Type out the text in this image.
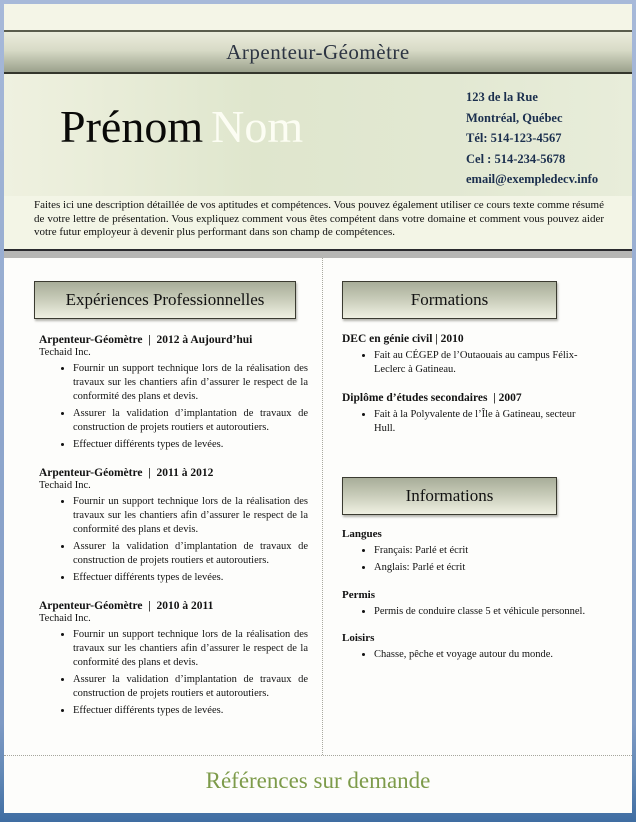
Arpenteur-Géomètre
Prénom Nom
123 de la Rue
Montréal, Québec
Tél: 514-123-4567
Cel : 514-234-5678
email@exempledecv.info

Faites ici une description détaillée de vos aptitudes et compétences. Vous pouvez également utiliser ce cours texte comme résumé de votre lettre de présentation. Vous expliquez comment vous êtes compétent dans votre domaine et comment vous pouvez aider votre futur employeur à devenir plus performant dans son champ de compétences.

Expériences Professionnelles
Arpenteur-Géomètre  |  2012 à Aujourd’hui
Techaid Inc.
• Fournir un support technique lors de la réalisation des travaux sur les chantiers afin d’assurer le respect de la conformité des plans et devis.
• Assurer la validation d’implantation de travaux de construction de projets routiers et autoroutiers.
• Effectuer différents types de levées.
Arpenteur-Géomètre  |  2011 à 2012
Techaid Inc.
• Fournir un support technique lors de la réalisation des travaux sur les chantiers afin d’assurer le respect de la conformité des plans et devis.
• Assurer la validation d’implantation de travaux de construction de projets routiers et autoroutiers.
• Effectuer différents types de levées.
Arpenteur-Géomètre  |  2010 à 2011
Techaid Inc.
• Fournir un support technique lors de la réalisation des travaux sur les chantiers afin d’assurer le respect de la conformité des plans et devis.
• Assurer la validation d’implantation de travaux de construction de projets routiers et autoroutiers.
• Effectuer différents types de levées.
Formations
DEC en génie civil | 2010
• Fait au CÉGEP de l’Outaouais au campus Félix-Leclerc à Gatineau.
Diplôme d’études secondaires  | 2007
• Fait à la Polyvalente de l’Île à Gatineau, secteur Hull.
Informations
Langues
• Français: Parlé et écrit
• Anglais: Parlé et écrit
Permis
• Permis de conduire classe 5 et véhicule personnel.
Loisirs
• Chasse, pêche et voyage autour du monde.
Références sur demande
